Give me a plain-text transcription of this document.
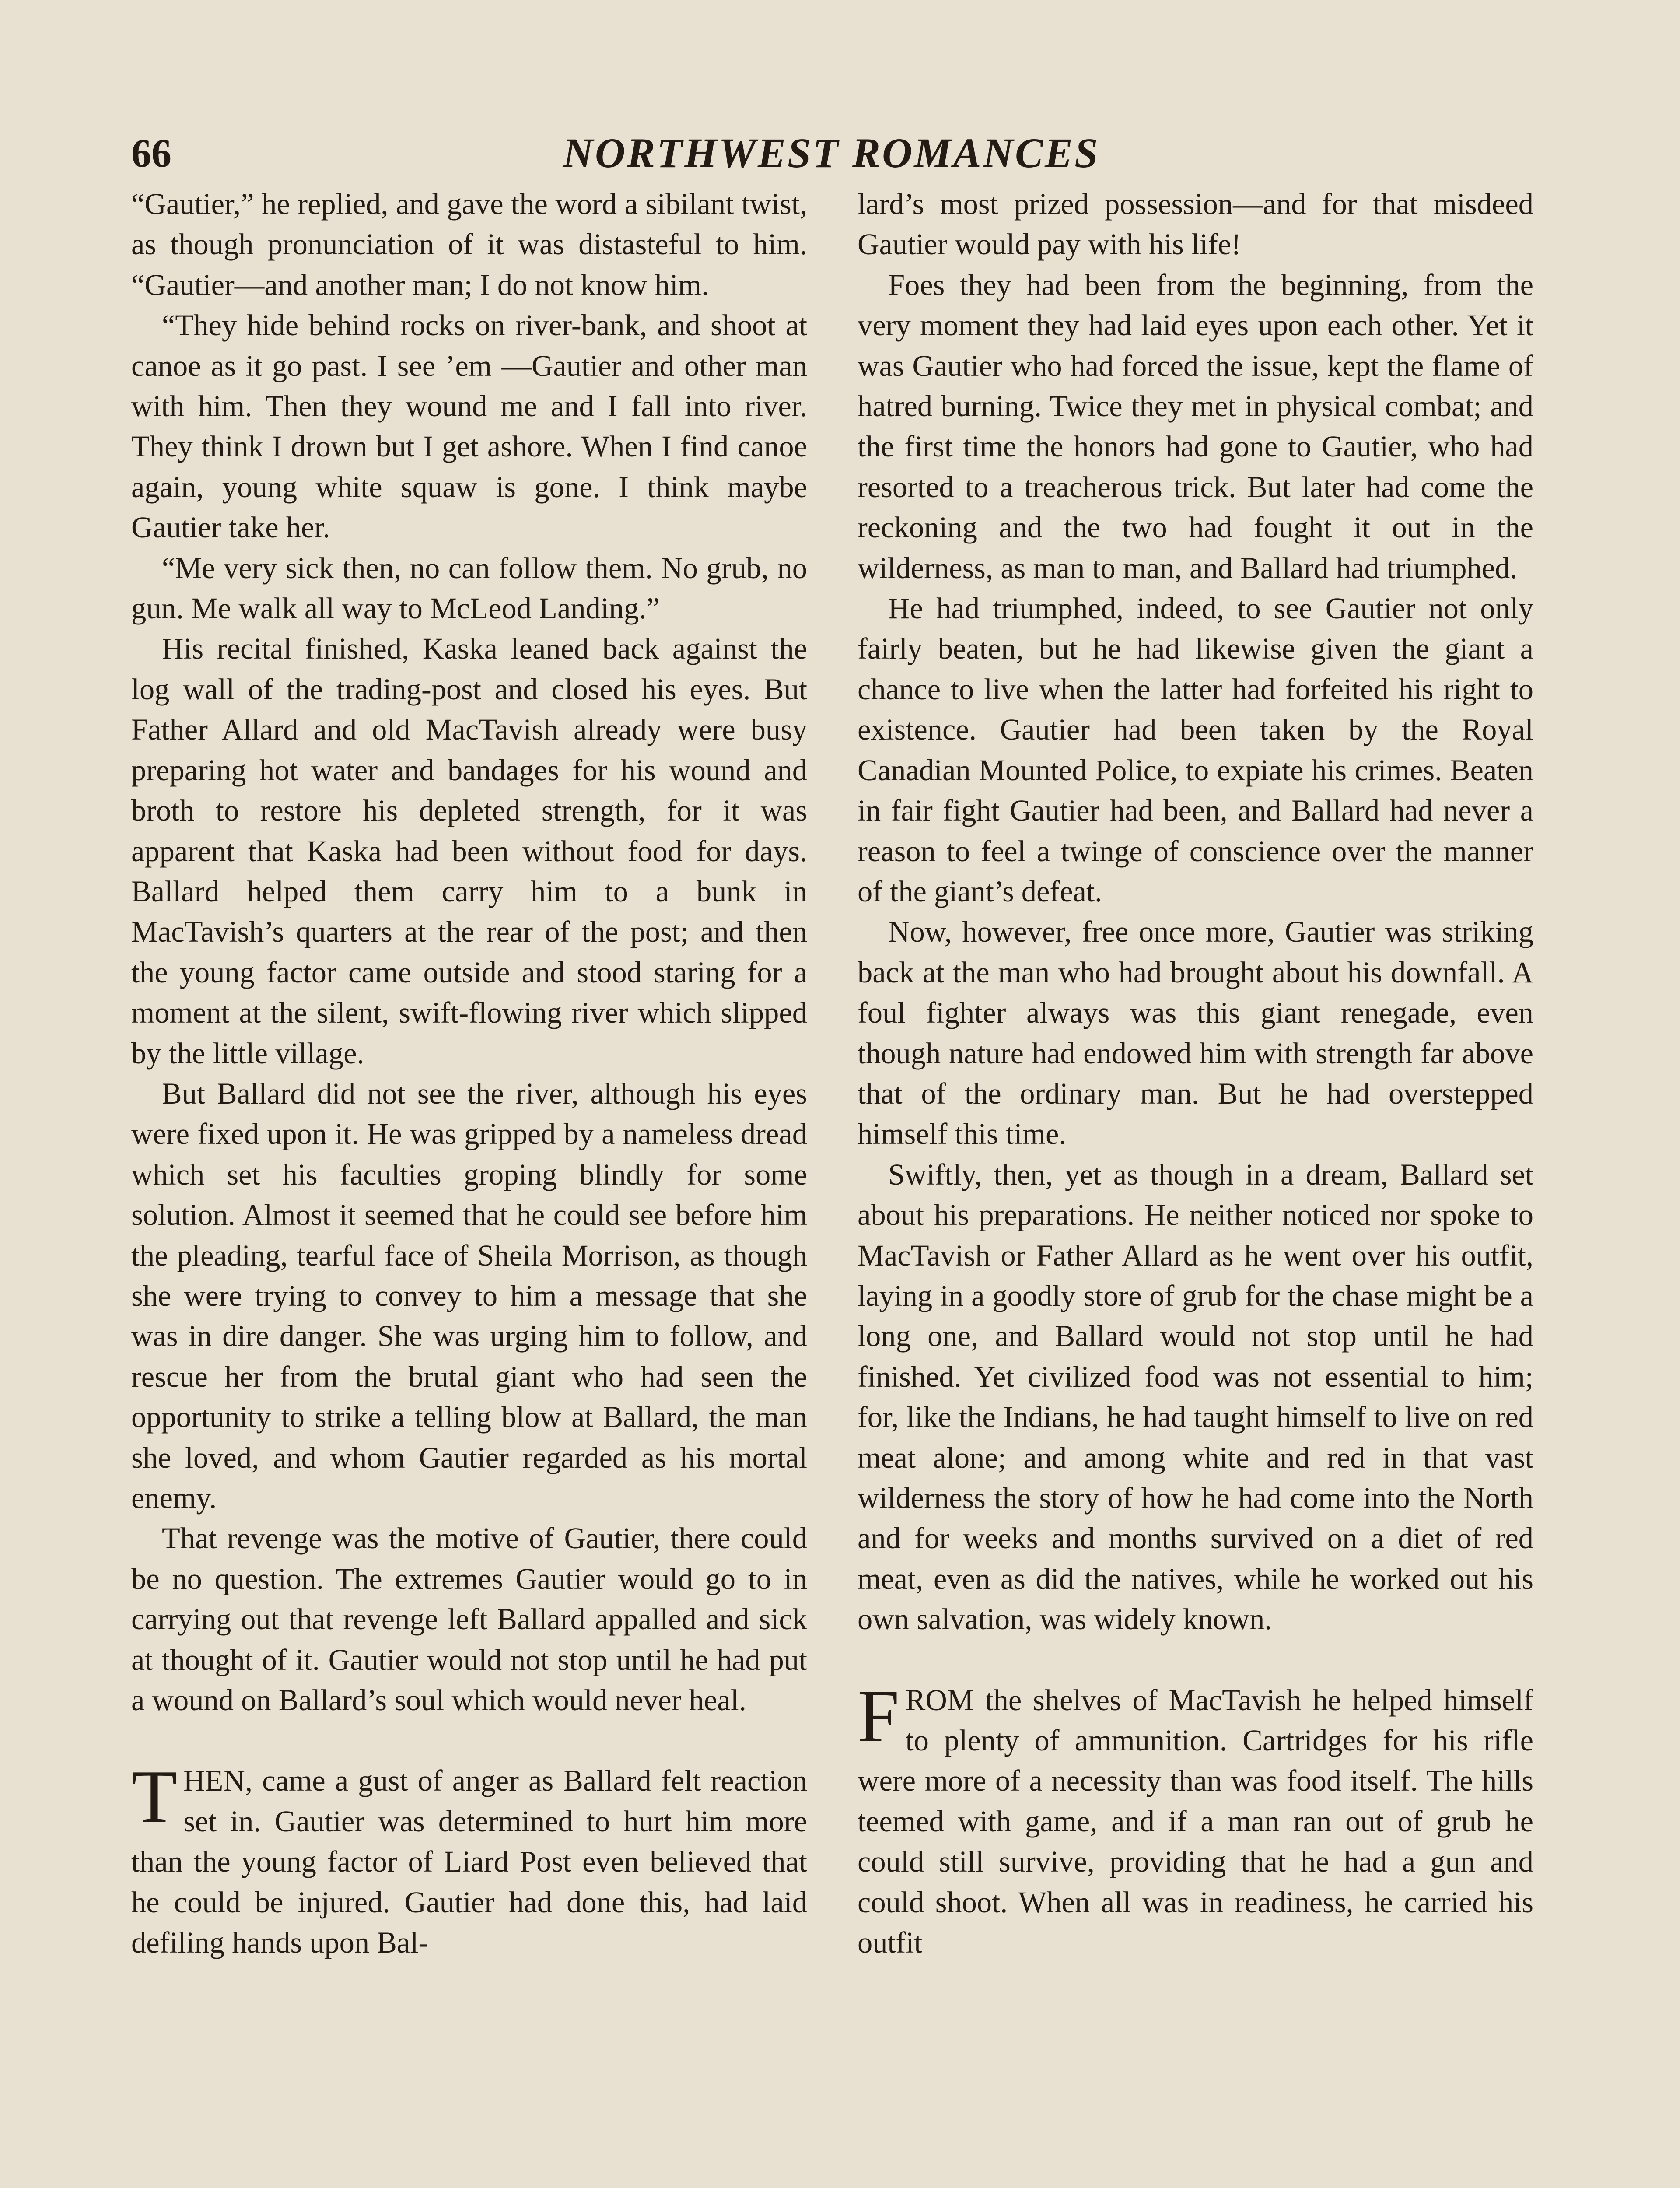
66	NORTHWEST ROMANCES

“Gautier,” he replied, and gave the word a sibilant twist, as though pronunciation of it was distasteful to him. “Gautier—and another man; I do not know him.

“They hide behind rocks on river-bank, and shoot at canoe as it go past. I see ’em —Gautier and other man with him. Then they wound me and I fall into river. They think I drown but I get ashore. When I find canoe again, young white squaw is gone. I think maybe Gautier take her.

“Me very sick then, no can follow them. No grub, no gun. Me walk all way to McLeod Landing.”

His recital finished, Kaska leaned back against the log wall of the trading-post and closed his eyes. But Father Allard and old MacTavish already were busy preparing hot water and bandages for his wound and broth to restore his depleted strength, for it was apparent that Kaska had been without food for days. Ballard helped them carry him to a bunk in MacTavish’s quarters at the rear of the post; and then the young factor came outside and stood staring for a moment at the silent, swift-flowing river which slipped by the little village.

But Ballard did not see the river, although his eyes were fixed upon it. He was gripped by a nameless dread which set his faculties groping blindly for some solution. Almost it seemed that he could see before him the pleading, tearful face of Sheila Morrison, as though she were trying to convey to him a message that she was in dire danger. She was urging him to follow, and rescue her from the brutal giant who had seen the opportunity to strike a telling blow at Ballard, the man she loved, and whom Gautier regarded as his mortal enemy.

That revenge was the motive of Gautier, there could be no question. The extremes Gautier would go to in carrying out that revenge left Ballard appalled and sick at thought of it. Gautier would not stop until he had put a wound on Ballard’s soul which would never heal.

THEN, came a gust of anger as Ballard felt reaction set in. Gautier was determined to hurt him more than the young factor of Liard Post even believed that he could be injured. Gautier had done this, had laid defiling hands upon Bal-

lard’s most prized possession—and for that misdeed Gautier would pay with his life!

Foes they had been from the beginning, from the very moment they had laid eyes upon each other. Yet it was Gautier who had forced the issue, kept the flame of hatred burning. Twice they met in physical combat; and the first time the honors had gone to Gautier, who had resorted to a treacherous trick. But later had come the reckoning and the two had fought it out in the wilderness, as man to man, and Ballard had triumphed.

He had triumphed, indeed, to see Gautier not only fairly beaten, but he had likewise given the giant a chance to live when the latter had forfeited his right to existence. Gautier had been taken by the Royal Canadian Mounted Police, to expiate his crimes. Beaten in fair fight Gautier had been, and Ballard had never a reason to feel a twinge of conscience over the manner of the giant’s defeat.

Now, however, free once more, Gautier was striking back at the man who had brought about his downfall. A foul fighter always was this giant renegade, even though nature had endowed him with strength far above that of the ordinary man. But he had overstepped himself this time.

Swiftly, then, yet as though in a dream, Ballard set about his preparations. He neither noticed nor spoke to MacTavish or Father Allard as he went over his outfit, laying in a goodly store of grub for the chase might be a long one, and Ballard would not stop until he had finished. Yet civilized food was not essential to him; for, like the Indians, he had taught himself to live on red meat alone; and among white and red in that vast wilderness the story of how he had come into the North and for weeks and months survived on a diet of red meat, even as did the natives, while he worked out his own salvation, was widely known.

FROM the shelves of MacTavish he helped himself to plenty of ammunition. Cartridges for his rifle were more of a necessity than was food itself. The hills teemed with game, and if a man ran out of grub he could still survive, providing that he had a gun and could shoot. When all was in readiness, he carried his outfit
